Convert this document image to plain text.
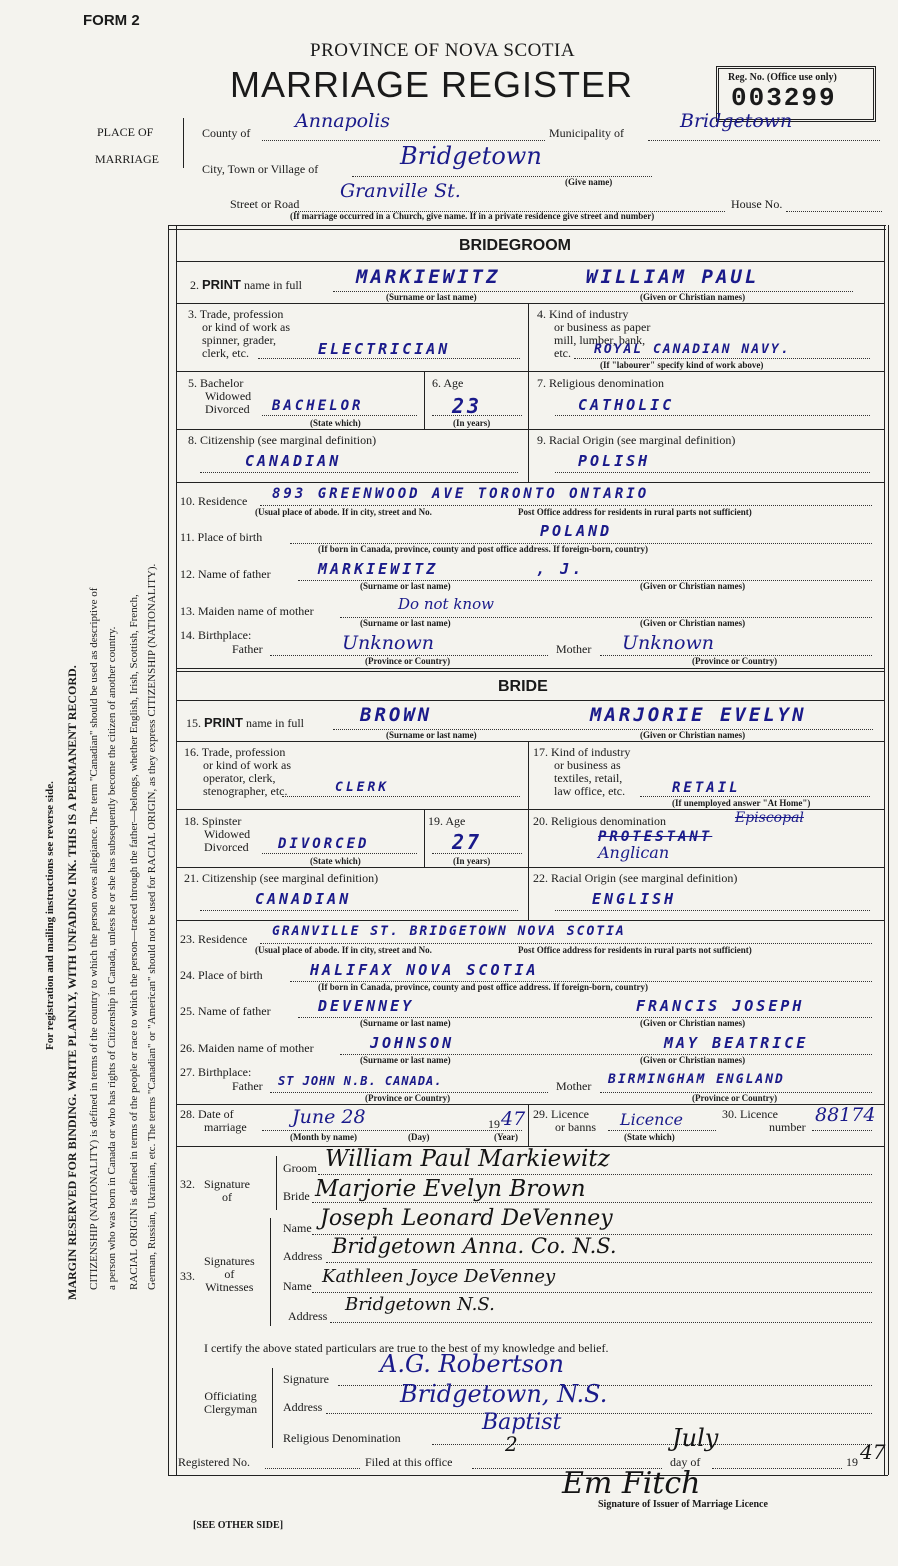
FORM 2
PROVINCE OF NOVA SCOTIA
MARRIAGE REGISTER	Reg. No. (Office use only)
003299
PLACE OF
MARRIAGE
County of
Annapolis
Municipality of
Bridgetown
City, Town or Village of	Bridgetown
(Give name)
Street or Road
Granville St.
House No.
(If marriage occurred in a Church, give name. If in a private residence give street and number)
For registration and mailing instructions see reverse side. MARGIN RESERVED FOR BINDING. WRITE PLAINLY, WITH UNFADING INK. THIS IS A PERMANENT RECORD. CITIZENSHIP (NATIONALITY) is defined in terms of the country to which the person owes allegiance. The term "Canadian" should be used as descriptive of a person who was born in Canada or who has rights of Citizenship in Canada, unless he or she has subsequently become the citizen of another country. RACIAL ORIGIN is defined in terms of the people or race to which the person—traced through the father—belongs, whether English, Irish, Scottish, French, German, Russian, Ukrainian, etc. The terms "Canadian" or "American" should not be used for RACIAL ORIGIN, as they express CITIZENSHIP (NATIONALITY).
BRIDEGROOM
2. PRINT name in full	MARKIEWITZ	WILLIAM PAUL
(Surname or last name)	(Given or Christian names)
3. Trade, profession
or kind of work as
spinner, grader,
clerk, etc.	ELECTRICIAN
4. Kind of industry
or business as paper
mill, lumber, bank,
etc.	ROYAL CANADIAN NAVY.
(If "labourer" specify kind of work above)
5. Bachelor
Widowed
Divorced BACHELOR
(State which)
6. Age
23
(In years)
7. Religious denomination
CATHOLIC
8. Citizenship (see marginal definition)
CANADIAN
9. Racial Origin (see marginal definition)
POLISH
10. Residence 893 GREENWOOD AVE TORONTO ONTARIO
(Usual place of abode. If in city, street and No.	Post Office address for residents in rural parts not sufficient)
11. Place of birth	POLAND
(If born in Canada, province, county and post office address. If foreign-born, country)
12. Name of father	MARKIEWITZ	, J.
(Surname or last name)	(Given or Christian names)
13. Maiden name of mother	Do not know
(Surname or last name)	(Given or Christian names)
14. Birthplace:
Father	Unknown	Mother Unknown
(Province or Country)	(Province or Country)
BRIDE
15. PRINT name in full	BROWN	MARJORIE EVELYN
(Surname or last name)	(Given or Christian names)
16. Trade, profession
or kind of work as
operator, clerk,
stenographer, etc.	CLERK
17. Kind of industry
or business as
textiles, retail,
law office, etc.	RETAIL
(If unemployed answer "At Home")
18. Spinster
Widowed
Divorced DIVORCED
(State which)
19. Age
27
(In years)
20. Religious denomination	Episcopal
PROTESTANT
Anglican
21. Citizenship (see marginal definition)
CANADIAN
22. Racial Origin (see marginal definition)
ENGLISH
23. Residence GRANVILLE ST. BRIDGETOWN NOVA SCOTIA
(Usual place of abode. If in city, street and No.	Post Office address for residents in rural parts not sufficient)
24. Place of birth	HALIFAX NOVA SCOTIA
(If born in Canada, province, county and post office address. If foreign-born, country)
25. Name of father	DEVENNEY	FRANCIS JOSEPH
(Surname or last name)	(Given or Christian names)
26. Maiden name of mother	JOHNSON	MAY BEATRICE
(Surname or last name)	(Given or Christian names)
27. Birthplace:
Father ST JOHN N.B. CANADA.	Mother BIRMINGHAM ENGLAND
(Province or Country)	(Province or Country)
28. Date of
marriage June 28	19 47
(Month by name)	(Day)	(Year)
29. Licence
or banns Licence
(State which)
30. Licence
number
88174
32. Signature
of
Groom William Paul Markiewitz
Bride Marjorie Evelyn Brown
33.
Signatures
of
Witnesses
Name Joseph Leonard DeVenney
Address Bridgetown Anna. Co. N.S.
Name Kathleen Joyce DeVenney
Address
Bridgetown N.S.
I certify the above stated particulars are true to the best of my knowledge and belief.
Officiating
Clergyman
Signature
A.G. Robertson
Address	Bridgetown, N.S.
Religious Denomination
Baptist
Registered No.	Filed at this office
2
day of
July
19 47
Em Fitch
Signature of Issuer of Marriage Licence
[SEE OTHER SIDE]
